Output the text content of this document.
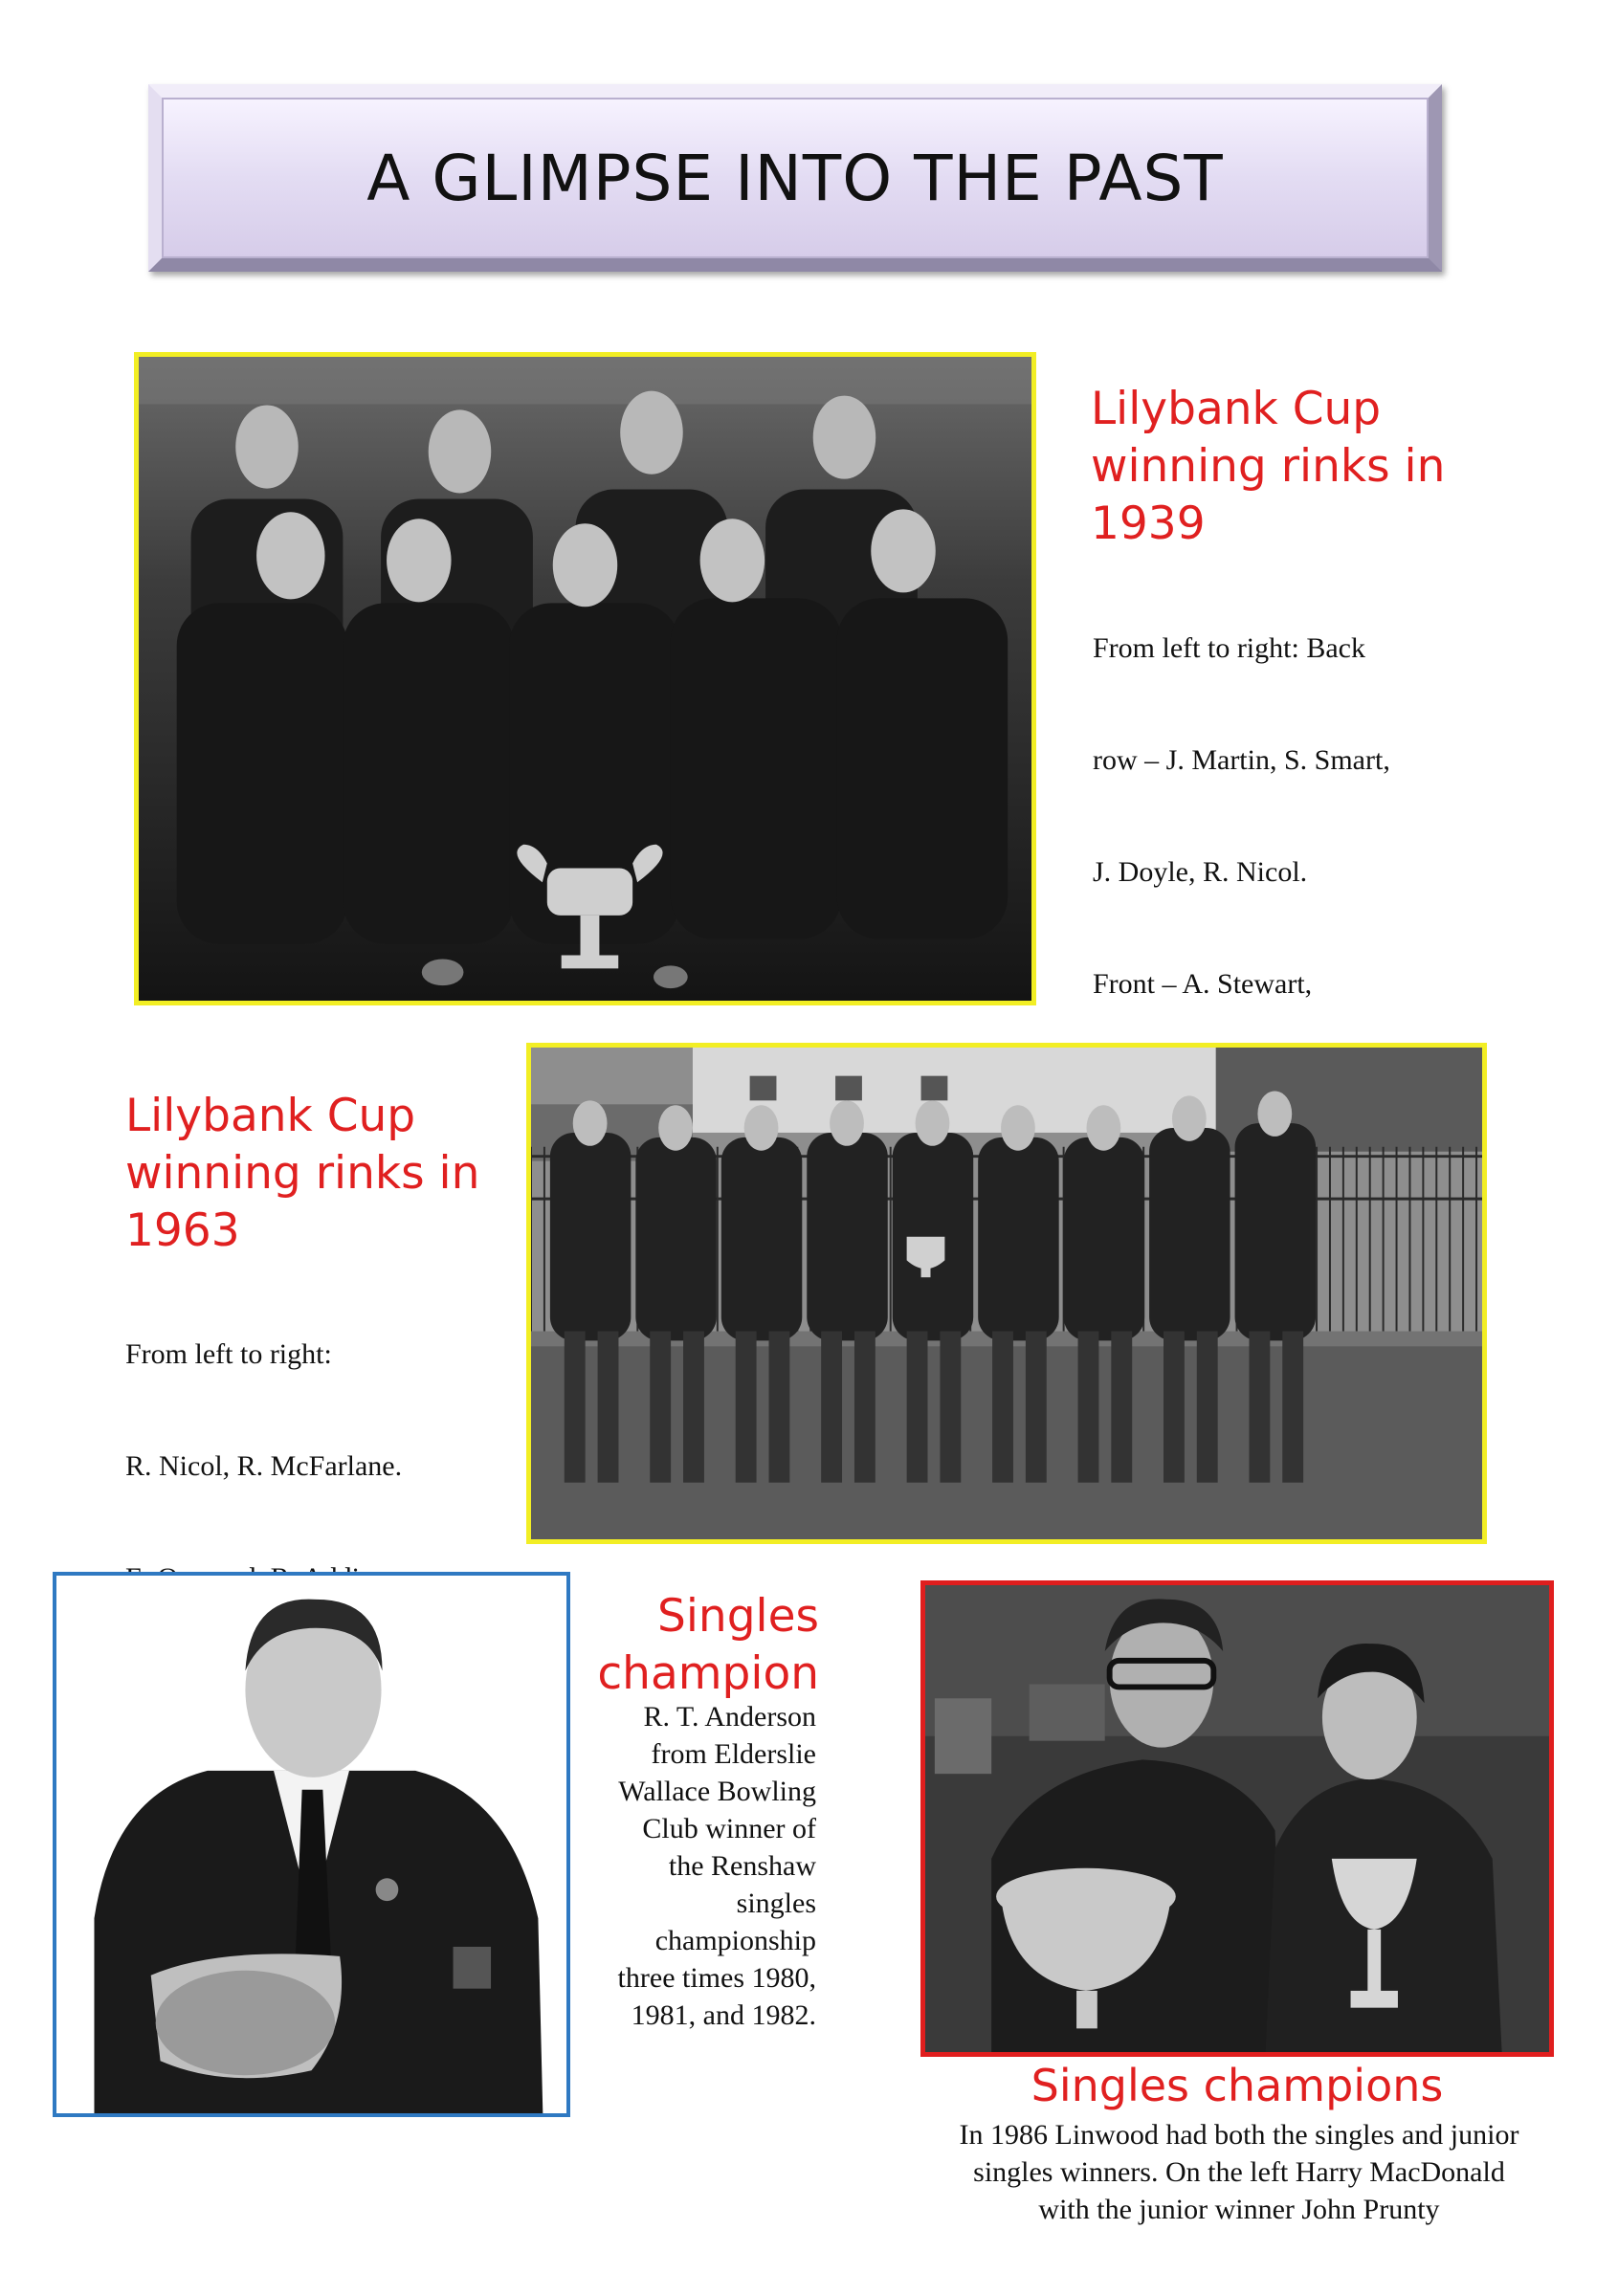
A GLIMPSE INTO THE PAST
Lilybank Cup
winning rinks in
1939

From left to right: Back

row – J. Martin, S. Smart,

J. Doyle, R. Nicol.

Front – A. Stewart,

Lilybank Cup
winning rinks in
1963

From left to right:

R. Nicol, R. McFarlane.

Singles
champion
R. T. Anderson
from Elderslie
Wallace Bowling
Club winner of
the Renshaw
singles
championship
three times 1980,
1981, and 1982.
Singles champions
In 1986 Linwood had both the singles and junior
singles winners. On the left Harry MacDonald
with the junior winner John Prunty
